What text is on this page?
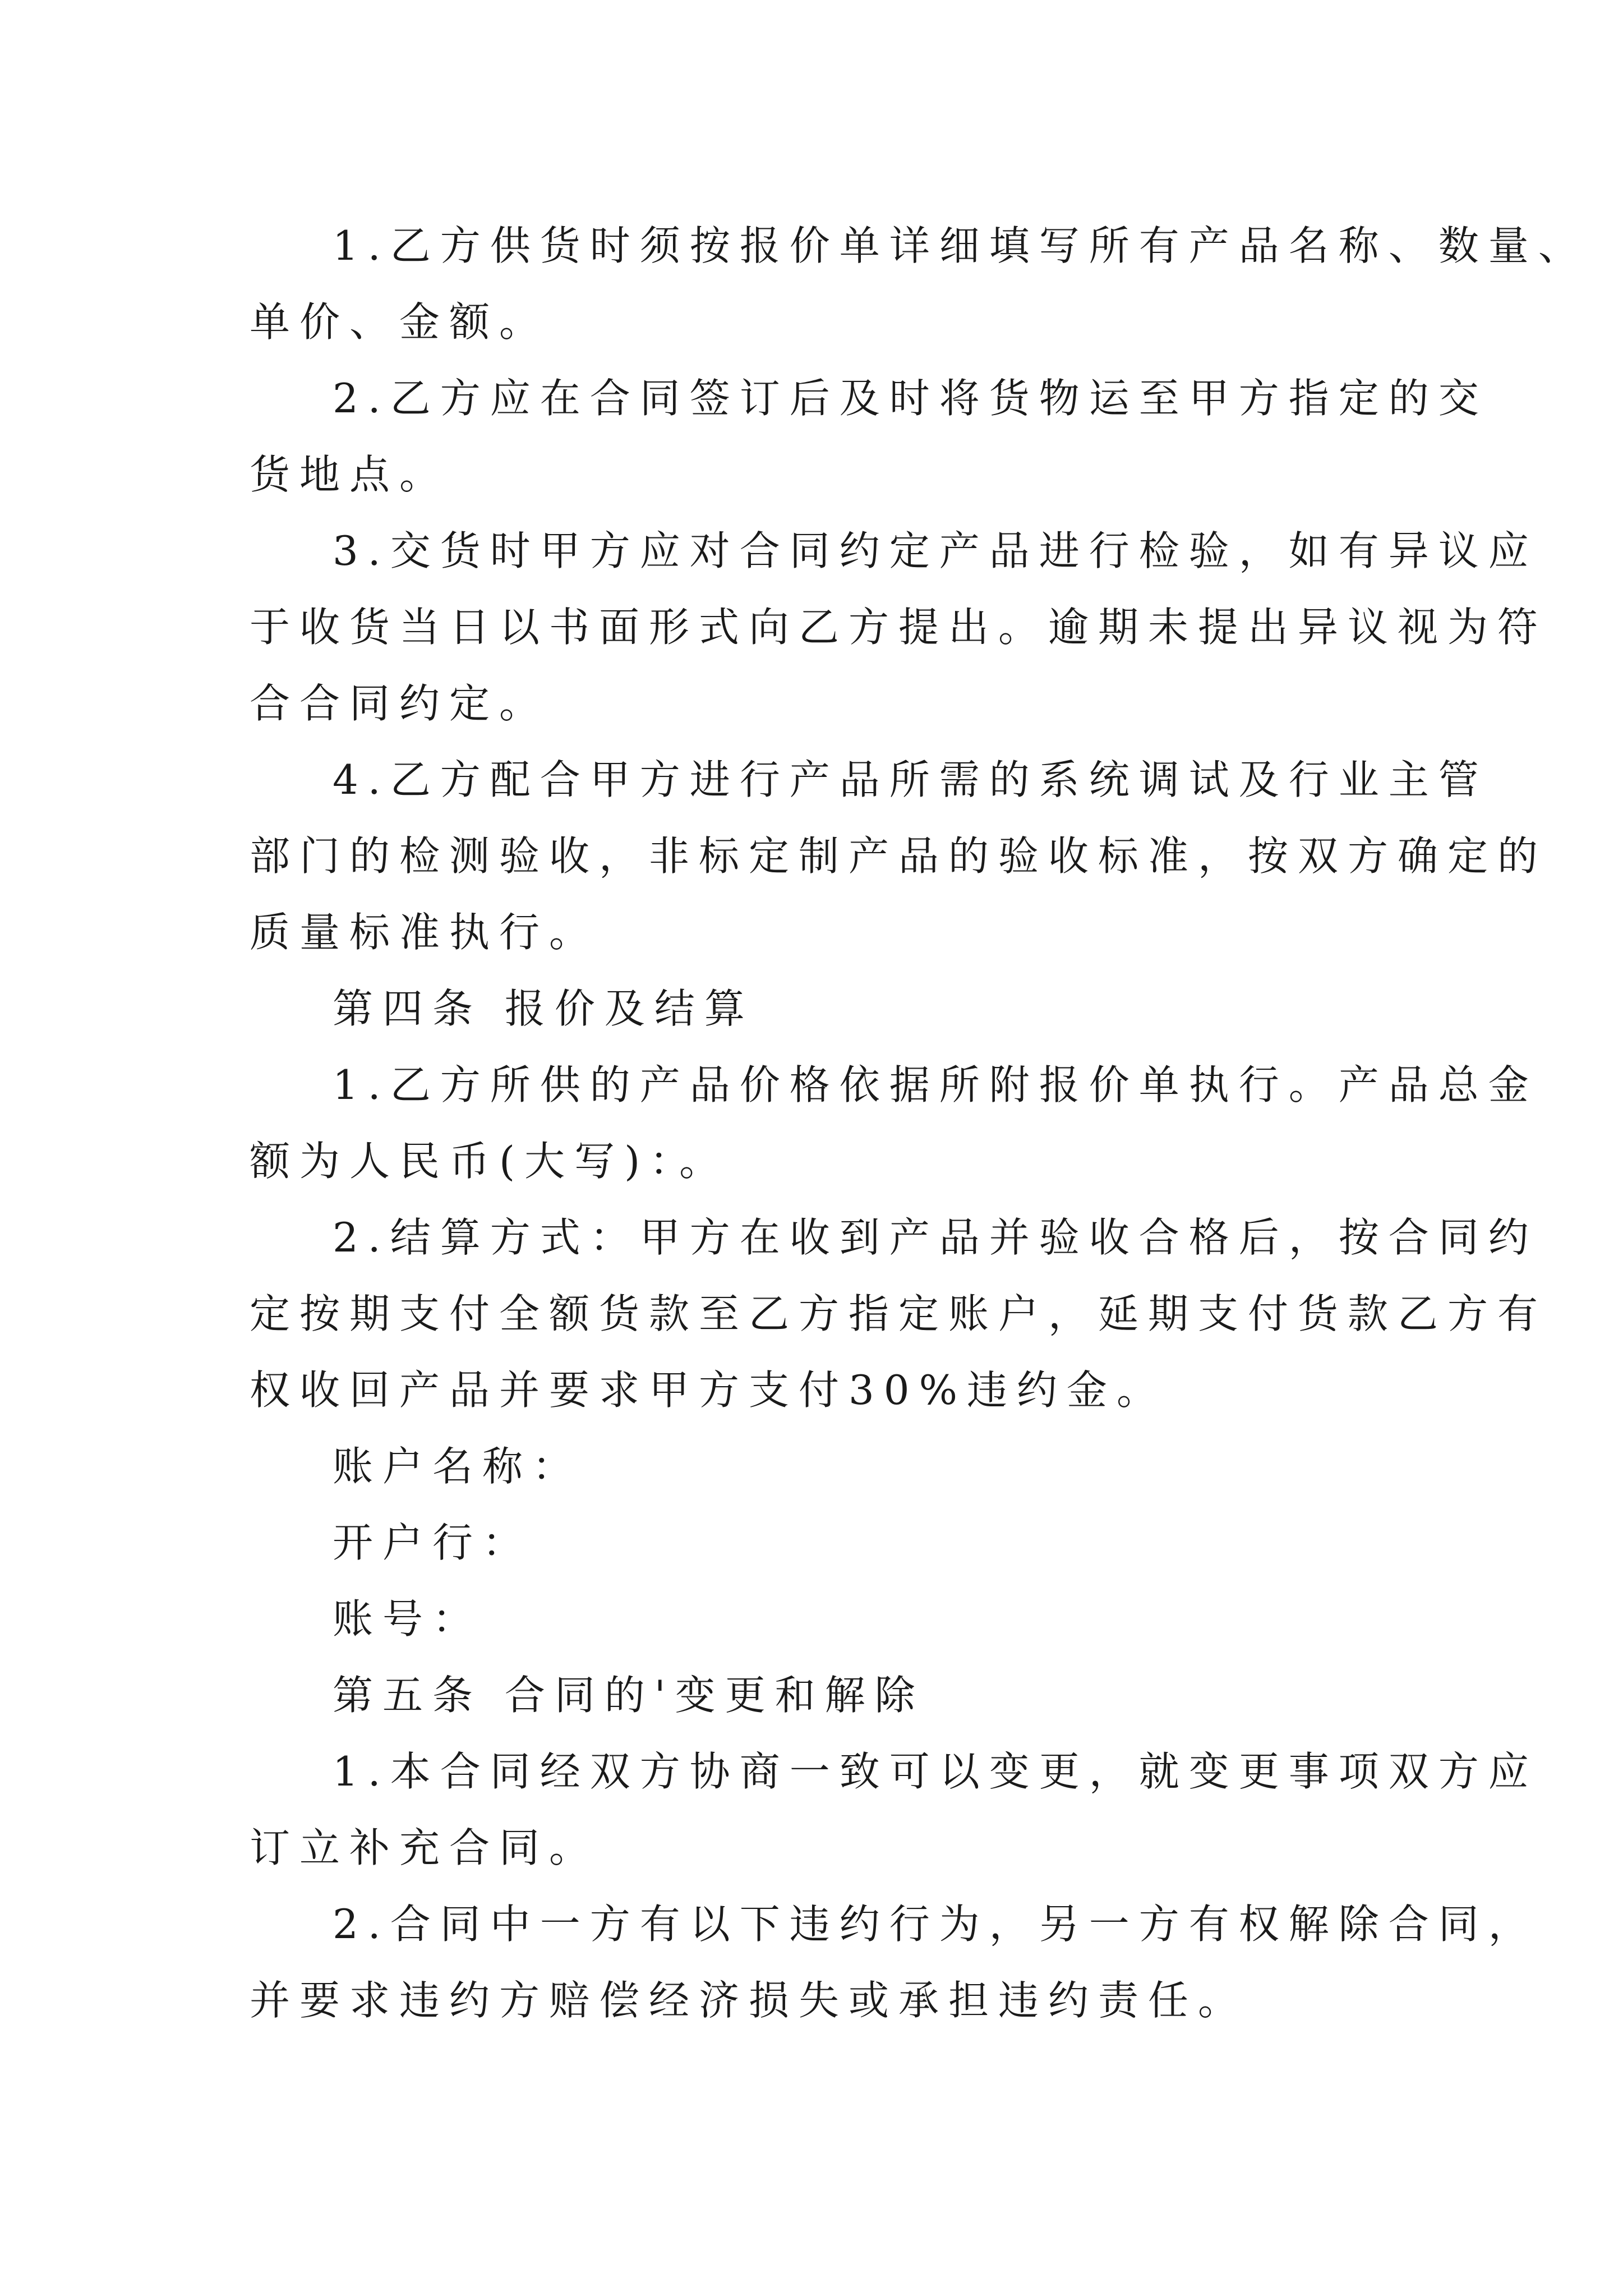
1.乙方供货时须按报价单详细填写所有产品名称、数量、
单价、金额。
2.乙方应在合同签订后及时将货物运至甲方指定的交
货地点。
3.交货时甲方应对合同约定产品进行检验，如有异议应
于收货当日以书面形式向乙方提出。逾期未提出异议视为符
合合同约定。
4.乙方配合甲方进行产品所需的系统调试及行业主管
部门的检测验收，非标定制产品的验收标准，按双方确定的
质量标准执行。
第四条 报价及结算
1.乙方所供的产品价格依据所附报价单执行。产品总金
额为人民币(大写)：。
2.结算方式：甲方在收到产品并验收合格后，按合同约
定按期支付全额货款至乙方指定账户，延期支付货款乙方有
权收回产品并要求甲方支付30%违约金。
账户名称：
开户行：
账号：
第五条 合同的'变更和解除
1.本合同经双方协商一致可以变更，就变更事项双方应
订立补充合同。
2.合同中一方有以下违约行为，另一方有权解除合同，
并要求违约方赔偿经济损失或承担违约责任。
